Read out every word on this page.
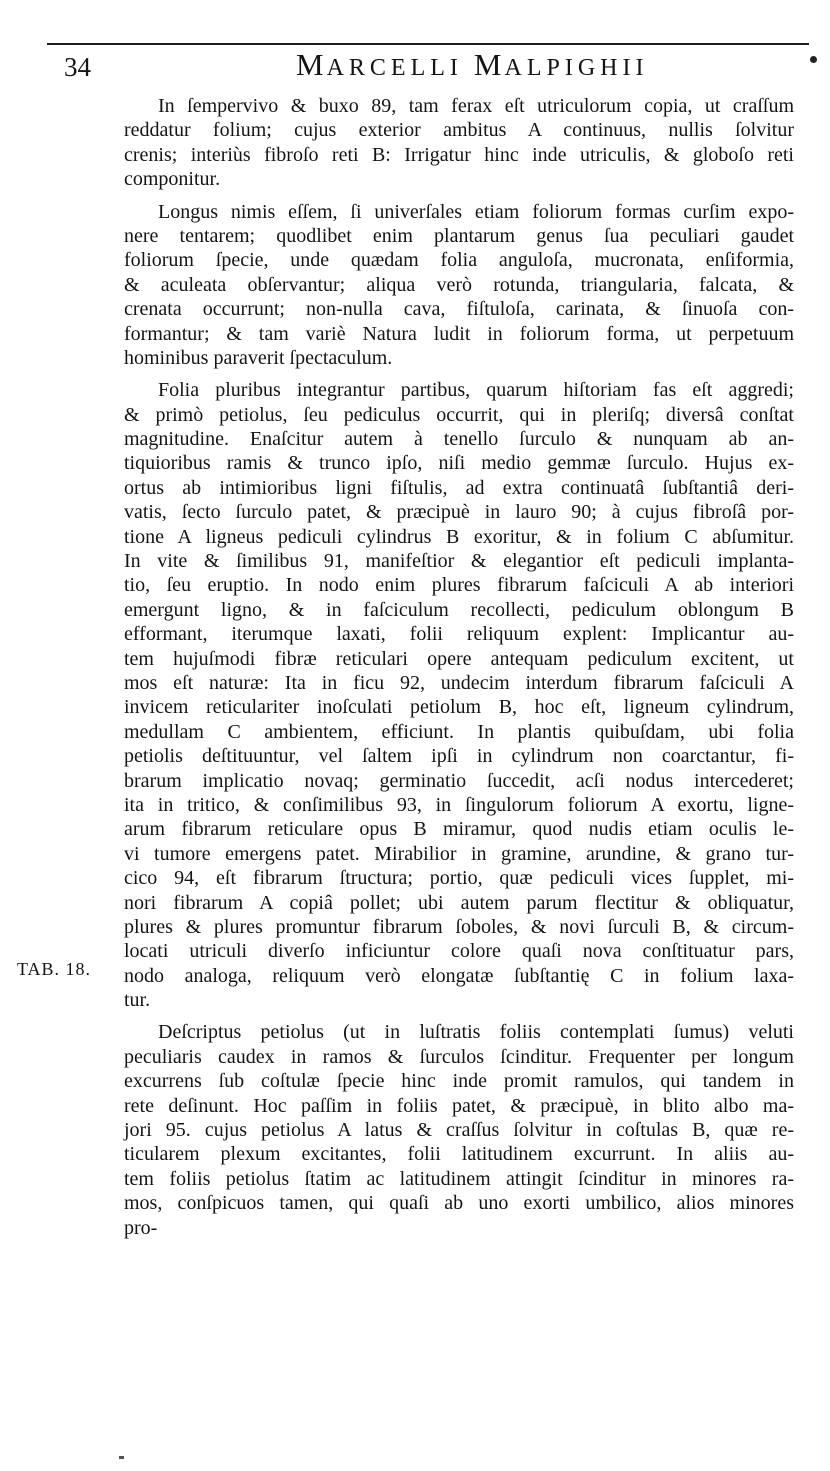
34	MARCELLI MALPIGHII
TAB. 18.
In ſempervivo & buxo 89, tam ferax eſt utriculorum copia, ut craſſum
reddatur folium; cujus exterior ambitus A continuus, nullis ſolvitur
crenis; interiùs fibroſo reti B: Irrigatur hinc inde utriculis, & globoſo reti
componitur.
Longus nimis eſſem, ſi univerſales etiam foliorum formas curſim expo-
nere tentarem; quodlibet enim plantarum genus ſua peculiari gaudet
foliorum ſpecie, unde quædam folia anguloſa, mucronata, enſiformia,
& aculeata obſervantur; aliqua verò rotunda, triangularia, falcata, &
crenata occurrunt; non-nulla cava, fiſtuloſa, carinata, & ſinuoſa con-
formantur; & tam variè Natura ludit in foliorum forma, ut perpetuum
hominibus paraverit ſpectaculum.
Folia pluribus integrantur partibus, quarum hiſtoriam fas eſt aggredi;
& primò petiolus, ſeu pediculus occurrit, qui in pleriſq; diversâ conſtat
magnitudine. Enaſcitur autem à tenello ſurculo & nunquam ab an-
tiquioribus ramis & trunco ipſo, niſi medio gemmæ ſurculo. Hujus ex-
ortus ab intimioribus ligni fiſtulis, ad extra continuatâ ſubſtantiâ deri-
vatis, ſecto ſurculo patet, & præcipuè in lauro 90; à cujus fibroſâ por-
tione A ligneus pediculi cylindrus B exoritur, & in folium C abſumitur.
In vite & ſimilibus 91, manifeſtior & elegantior eſt pediculi implanta-
tio, ſeu eruptio. In nodo enim plures fibrarum faſciculi A ab interiori
emergunt ligno, & in faſciculum recollecti, pediculum oblongum B
efformant, iterumque laxati, folii reliquum explent: Implicantur au-
tem hujuſmodi fibræ reticulari opere antequam pediculum excitent, ut
mos eſt naturæ: Ita in ficu 92, undecim interdum fibrarum faſciculi A
invicem reticulariter inoſculati petiolum B, hoc eſt, ligneum cylindrum,
medullam C ambientem, efficiunt. In plantis quibuſdam, ubi folia
petiolis deſtituuntur, vel ſaltem ipſi in cylindrum non coarctantur, fi-
brarum implicatio novaq; germinatio ſuccedit, acſi nodus intercederet;
ita in tritico, & conſimilibus 93, in ſingulorum foliorum A exortu, ligne-
arum fibrarum reticulare opus B miramur, quod nudis etiam oculis le-
vi tumore emergens patet. Mirabilior in gramine, arundine, & grano tur-
cico 94, eſt fibrarum ſtructura; portio, quæ pediculi vices ſupplet, mi-
nori fibrarum A copiâ pollet; ubi autem parum flectitur & obliquatur,
plures & plures promuntur fibrarum ſoboles, & novi ſurculi B, & circum-
locati utriculi diverſo inficiuntur colore quaſi nova conſtituatur pars,
nodo analoga, reliquum verò elongatæ ſubſtantię C in folium laxa-
tur.
Deſcriptus petiolus (ut in luſtratis foliis contemplati ſumus) veluti
peculiaris caudex in ramos & ſurculos ſcinditur. Frequenter per longum
excurrens ſub coſtulæ ſpecie hinc inde promit ramulos, qui tandem in
rete deſinunt. Hoc paſſim in foliis patet, & præcipuè, in blito albo ma-
jori 95. cujus petiolus A latus & craſſus ſolvitur in coſtulas B, quæ re-
ticularem plexum excitantes, folii latitudinem excurrunt. In aliis au-
tem foliis petiolus ſtatim ac latitudinem attingit ſcinditur in minores ra-
mos, conſpicuos tamen, qui quaſi ab uno exorti umbilico, alios minores
pro-
